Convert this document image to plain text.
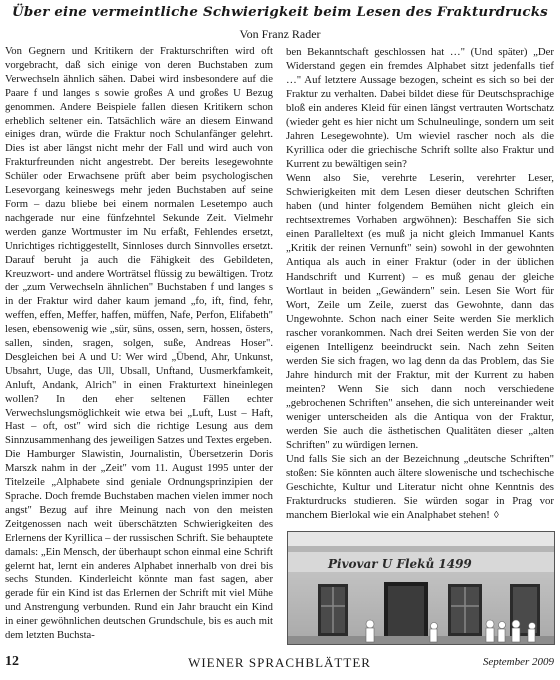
Über eine vermeintliche Schwierigkeit beim Lesen des Frakturdrucks
Von Franz Rader

Von Gegnern und Kritikern der Frakturschriften wird oft vorgebracht, daß sich einige von deren Buchstaben zum Verwechseln ähnlich sähen. Dabei wird insbesondere auf die Paare f und langes s sowie großes A und großes U Bezug genommen. Andere Beispiele fallen diesen Kritikern schon erheblich seltener ein. Tatsächlich wäre an diesem Einwand einiges dran, würde die Fraktur noch Schulanfänger gelehrt. Dies ist aber längst nicht mehr der Fall und wird auch von Frakturfreunden nicht angestrebt. Der bereits lesegewohnte Schüler oder Erwachsene prüft aber beim psychologischen Lesevorgang keineswegs mehr jeden Buchstaben auf seine Form – dazu bliebe bei einem normalen Lesetempo auch nachgerade nur eine fünfzehntel Sekunde Zeit. Vielmehr werden ganze Wortmuster im Nu erfaßt, Fehlendes ersetzt, Unrichtiges richtiggestellt, Sinnloses durch Sinnvolles ersetzt. Darauf beruht ja auch die Fähigkeit des Gebildeten, Kreuzwort- und andere Worträtsel flüssig zu bewältigen. Trotz der „zum Verwechseln ähnlichen" Buchstaben f und langes s in der Fraktur wird daher kaum jemand „fo, ift, find, fehr, weffen, effen, Meffer, haffen, müffen, Nafe, Perfon, Elifabeth" lesen, ebensowenig wie „sür, süns, ossen, sern, hossen, östers, sallen, sinden, sragen, solgen, suße, Andreas Hoser". Desgleichen bei A und U: Wer wird „Übend, Ahr, Unkunst, Ubsahrt, Uuge, das Ull, Ubsall, Unftand, Uusmerkfamkeit, Anluft, Andank, Alrich" in einen Frakturtext hineinlegen wollen? In den eher seltenen Fällen echter Verwechslungsmöglichkeit wie etwa bei „Luft, Lust – Haft, Hast – oft, ost" wird sich die richtige Lesung aus dem Sinnzusammenhang des jeweiligen Satzes und Textes ergeben.

Die Hamburger Slawistin, Journalistin, Übersetzerin Doris Marszk nahm in der „Zeit" vom 11. August 1995 unter der Titelzeile „Alphabete sind geniale Ordnungsprinzipien der Sprache. Doch fremde Buchstaben machen vielen immer noch angst" Bezug auf ihre Meinung nach von den meisten Zeitgenossen nach weit überschätzten Schwierigkeiten des Erlernens der Kyrillica – der russischen Schrift. Sie behauptete damals: „Ein Mensch, der überhaupt schon einmal eine Schrift gelernt hat, lernt ein anderes Alphabet innerhalb von drei bis sechs Stunden. Kinderleicht könnte man fast sagen, aber gerade für ein Kind ist das Erlernen der Schrift mit viel Mühe und Anstrengung verbunden. Rund ein Jahr braucht ein Kind in einer gewöhnlichen deutschen Grundschule, bis es auch mit dem letzten Buchsta-

ben Bekanntschaft geschlossen hat …" (Und später) „Der Widerstand gegen ein fremdes Alphabet sitzt jedenfalls tief …" Auf letztere Aussage bezogen, scheint es sich so bei der Fraktur zu verhalten. Dabei bildet diese für Deutschsprachige bloß ein anderes Kleid für einen längst vertrauten Wortschatz (wieder geht es hier nicht um Schulneulinge, sondern um seit Jahren Lesegewohnte). Um wieviel rascher noch als die Kyrillica oder die griechische Schrift sollte also Fraktur und Kurrent zu bewältigen sein?

Wenn also Sie, verehrte Leserin, verehrter Leser, Schwierigkeiten mit dem Lesen dieser deutschen Schriften haben (und hinter folgendem Bemühen nicht gleich ein rechtsextremes Vorhaben argwöhnen): Beschaffen Sie sich einen Paralleltext (es muß ja nicht gleich Immanuel Kants „Kritik der reinen Vernunft" sein) sowohl in der gewohnten Antiqua als auch in einer Fraktur (oder in der üblichen Handschrift und Kurrent) – es muß genau der gleiche Wortlaut in beiden „Gewändern" sein. Lesen Sie Wort für Wort, Zeile um Zeile, zuerst das Gewohnte, dann das Ungewohnte. Schon nach einer Seite werden Sie merklich rascher vorankommen. Nach drei Seiten werden Sie von der eigenen Intelligenz beeindruckt sein. Nach zehn Seiten werden Sie sich fragen, wo lag denn da das Problem, das Sie Jahre hindurch mit der Fraktur, mit der Kurrent zu haben meinten? Wenn Sie sich dann noch verschiedene „gebrochenen Schriften" ansehen, die sich untereinander weit weniger unterscheiden als die Antiqua von der Fraktur, werden Sie auch die ästhetischen Qualitäten dieser „alten Schriften" zu würdigen lernen.

Und falls Sie sich an der Bezeichnung „deutsche Schriften" stoßen: Sie könnten auch ältere slowenische und tschechische Geschichte, Kultur und Literatur nicht ohne Kenntnis des Frakturdrucks studieren. Sie würden sogar in Prag vor manchem Bierlokal wie ein Analphabet stehen! ◊

Pivovar U Fleků 1499
12	WIENER SPRACHBLÄTTER	September 2009
